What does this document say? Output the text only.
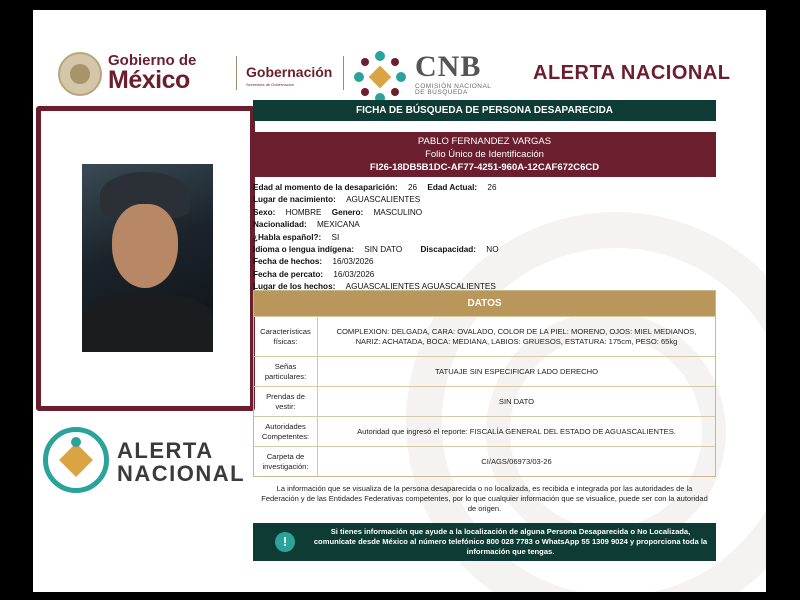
Gobierno de
México	Gobernación
Secretaría de Gobernación
CNB
COMISIÓN NACIONAL
DE BÚSQUEDA
ALERTA NACIONAL
ALERTA
NACIONAL
FICHA DE BÚSQUEDA DE PERSONA DESAPARECIDA
PABLO FERNANDEZ VARGAS
Folio Único de Identificación
FI26-18DB5B1DC-AF77-4251-960A-12CAF672C6CD
Edad al momento de la desaparición: 26 Edad Actual: 26
Lugar de nacimiento: AGUASCALIENTES
Sexo: HOMBRE Genero: MASCULINO
Nacionalidad: MEXICANA
¿Habla español?: SI
Idioma o lengua indígena: SIN DATO Discapacidad: NO
Fecha de hechos: 16/03/2026
Fecha de percato: 16/03/2026
Lugar de los hechos: AGUASCALIENTES AGUASCALIENTES
DATOS
Características físicas:
COMPLEXION: DELGADA, CARA: OVALADO, COLOR DE LA PIEL: MORENO, OJOS: MIEL MEDIANOS, NARIZ: ACHATADA, BOCA: MEDIANA, LABIOS: GRUESOS, ESTATURA: 175cm, PESO: 65kg
Señas particulares:
TATUAJE SIN ESPECIFICAR LADO DERECHO
Prendas de vestir:
SIN DATO
Autoridades Competentes:
Autoridad que ingresó el reporte: FISCALÍA GENERAL DEL ESTADO DE AGUASCALIENTES.
Carpeta de investigación:
CI/AGS/06973/03-26
La información que se visualiza de la persona desaparecida o no localizada, es recibida e integrada por las autoridades de la Federación y de las Entidades Federativas competentes, por lo que cualquier información que se visualice, puede ser con la autoridad de origen.
!
Si tienes información que ayude a la localización de alguna Persona Desaparecida o No Localizada, comunícate desde México al número telefónico 800 028 7783 o WhatsApp 55 1309 9024 y proporciona toda la información que tengas.
